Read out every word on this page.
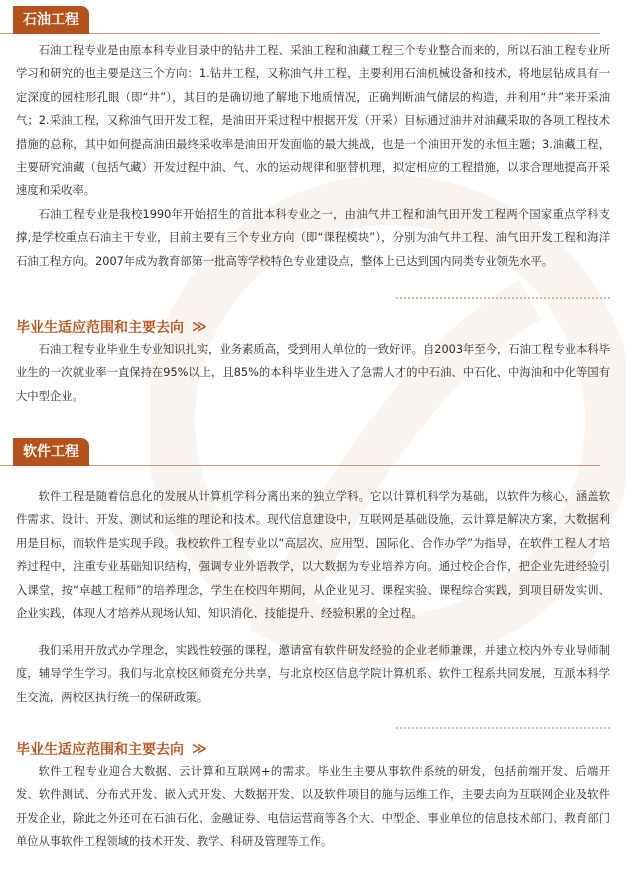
石油工程

石油工程专业是由原本科专业目录中的钻井工程、采油工程和油藏工程三个专业整合而来的，所以石油工程专业所学习和研究的也主要是这三个方向：1.钻井工程，又称油气井工程，主要利用石油机械设备和技术，将地层钻成具有一定深度的园柱形孔眼（即“井”），其目的是确切地了解地下地质情况，正确判断油气储层的构造，并利用“井”来开采油气；2.采油工程，又称油气田开发工程，是油田开采过程中根据开发（开采）目标通过油井对油藏采取的各项工程技术措施的总称，其中如何提高油田最终采收率是油田开发面临的最大挑战，也是一个油田开发的永恒主题；3.油藏工程，主要研究油藏（包括气藏）开发过程中油、气、水的运动规律和驱替机理，拟定相应的工程措施，以求合理地提高开采速度和采收率。

石油工程专业是我校1990年开始招生的首批本科专业之一，由油气井工程和油气田开发工程两个国家重点学科支撑,是学校重点石油主干专业，目前主要有三个专业方向（即“课程模块”），分别为油气井工程、油气田开发工程和海洋石油工程方向。2007年成为教育部第一批高等学校特色专业建设点，整体上已达到国内同类专业领先水平。

毕业生适应范围和主要去向 ≫

石油工程专业毕业生专业知识扎实，业务素质高，受到用人单位的一致好评。自2003年至今，石油工程专业本科毕业生的一次就业率一直保持在95%以上，且85%的本科毕业生进入了急需人才的中石油、中石化、中海油和中化等国有大中型企业。

软件工程

软件工程是随着信息化的发展从计算机学科分离出来的独立学科。它以计算机科学为基础，以软件为核心，涵盖软件需求、设计、开发、测试和运维的理论和技术。现代信息建设中，互联网是基础设施，云计算是解决方案，大数据利用是目标，而软件是实现手段。我校软件工程专业以“高层次、应用型、国际化、合作办学”为指导，在软件工程人才培养过程中，注重专业基础知识结构，强调专业外语教学，以大数据为专业培养方向。通过校企合作，把企业先进经验引入课堂，按“卓越工程师”的培养理念，学生在校四年期间，从企业见习、课程实验、课程综合实践，到项目研发实训、企业实践，体现人才培养从现场认知、知识消化、技能提升、经验积累的全过程。

我们采用开放式办学理念，实践性较强的课程，邀请富有软件研发经验的企业老师兼课，并建立校内外专业导师制度，辅导学生学习。我们与北京校区师资充分共享，与北京校区信息学院计算机系、软件工程系共同发展，互派本科学生交流，两校区执行统一的保研政策。

毕业生适应范围和主要去向 ≫

软件工程专业迎合大数据、云计算和互联网+的需求。毕业生主要从事软件系统的研发，包括前端开发、后端开发、软件测试、分布式开发、嵌入式开发、大数据开发、以及软件项目的施与运维工作，主要去向为互联网企业及软件开发企业，除此之外还可在石油石化、金融证券、电信运营商等各个大、中型企、事业单位的信息技术部门、教育部门单位从事软件工程领域的技术开发、教学、科研及管理等工作。
